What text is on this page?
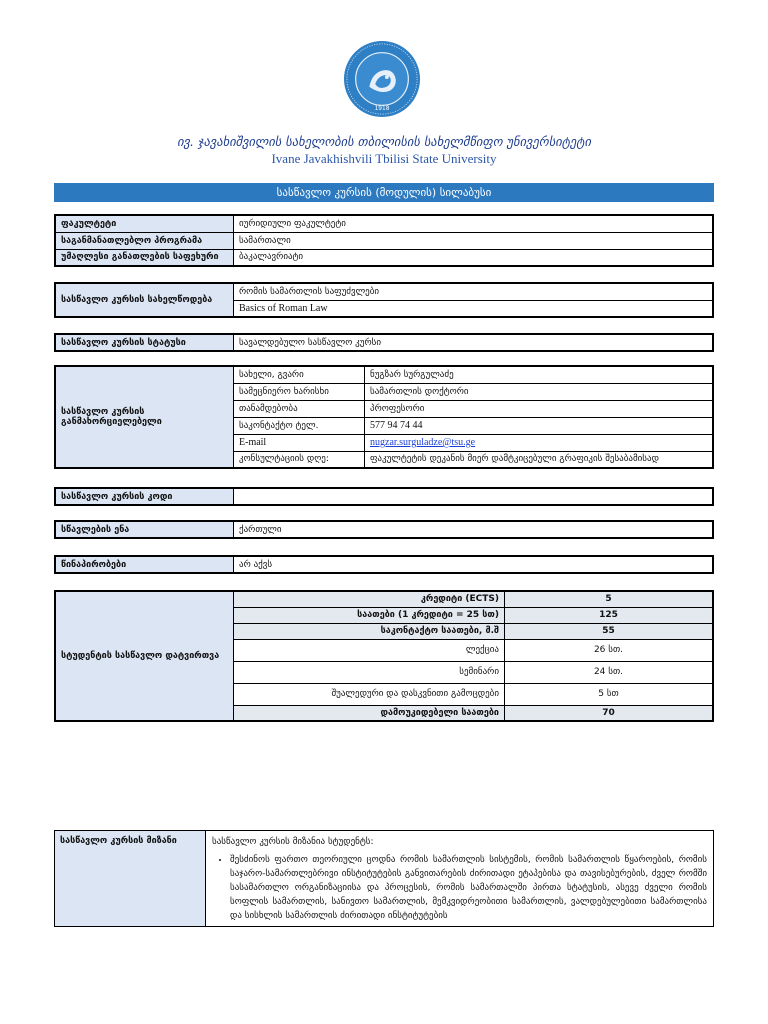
1918
ივ. ჯავახიშვილის სახელობის თბილისის სახელმწიფო უნივერსიტეტი
Ivane Javakhishvili Tbilisi State University
სასწავლო კურსის (მოდულის) სილაბუსი
ფაკულტეტი	იურიდიული ფაკულტეტი
საგანმანათლებლო პროგრამა	სამართალი
უმაღლესი განათლების საფეხური	ბაკალავრიატი
სასწავლო კურსის სახელწოდება	რომის სამართლის საფუძვლები
Basics of Roman Law
სასწავლო კურსის სტატუსი	სავალდებულო სასწავლო კურსი
სასწავლო კურსის განმახორციელებელი	სახელი, გვარი	ნუგზარ სურგულაძე
	სამეცნიერო ხარისხი	სამართლის დოქტორი
	თანამდებობა	პროფესორი
	საკონტაქტო ტელ.	577 94 74 44
	E-mail	nugzar.surguladze@tsu.ge
	კონსულტაციის დღე:	ფაკულტეტის დეკანის მიერ დამტკიცებული გრაფიკის შესაბამისად
სასწავლო კურსის კოდი	
სწავლების ენა	ქართული
წინაპირობები	არ აქვს
სტუდენტის სასწავლო დატვირთვა	კრედიტი (ECTS)	5
	საათები (1 კრედიტი = 25 სთ)	125
	საკონტაქტო საათები, მ.შ	55
	ლექცია	26 სთ.
	სემინარი	24 სთ.
	შუალედური და დასკვნითი გამოცდები	5 სთ
	დამოუკიდებელი საათები	70
სასწავლო კურსის მიზანი	სასწავლო კურსის მიზანია სტუდენტს:
• შესძინოს ფართო თეორიული ცოდნა რომის სამართლის სისტემის, რომის სამართლის წყაროების, რომის საჯარო-სამართლებრივი ინსტიტუტების განვითარების ძირითადი ეტაპებისა და თავისებურების, ძველ რომში სასამართლო ორგანიზაციისა და პროცესის, რომის სამართალში პირთა სტატუსის, ასევე ძველი რომის სოფლის სამართლის, სანივთო სამართლის, მემკვიდრეობითი სამართლის, ვალდებულებითი სამართლისა და სისხლის სამართლის ძირითადი ინსტიტუტების
